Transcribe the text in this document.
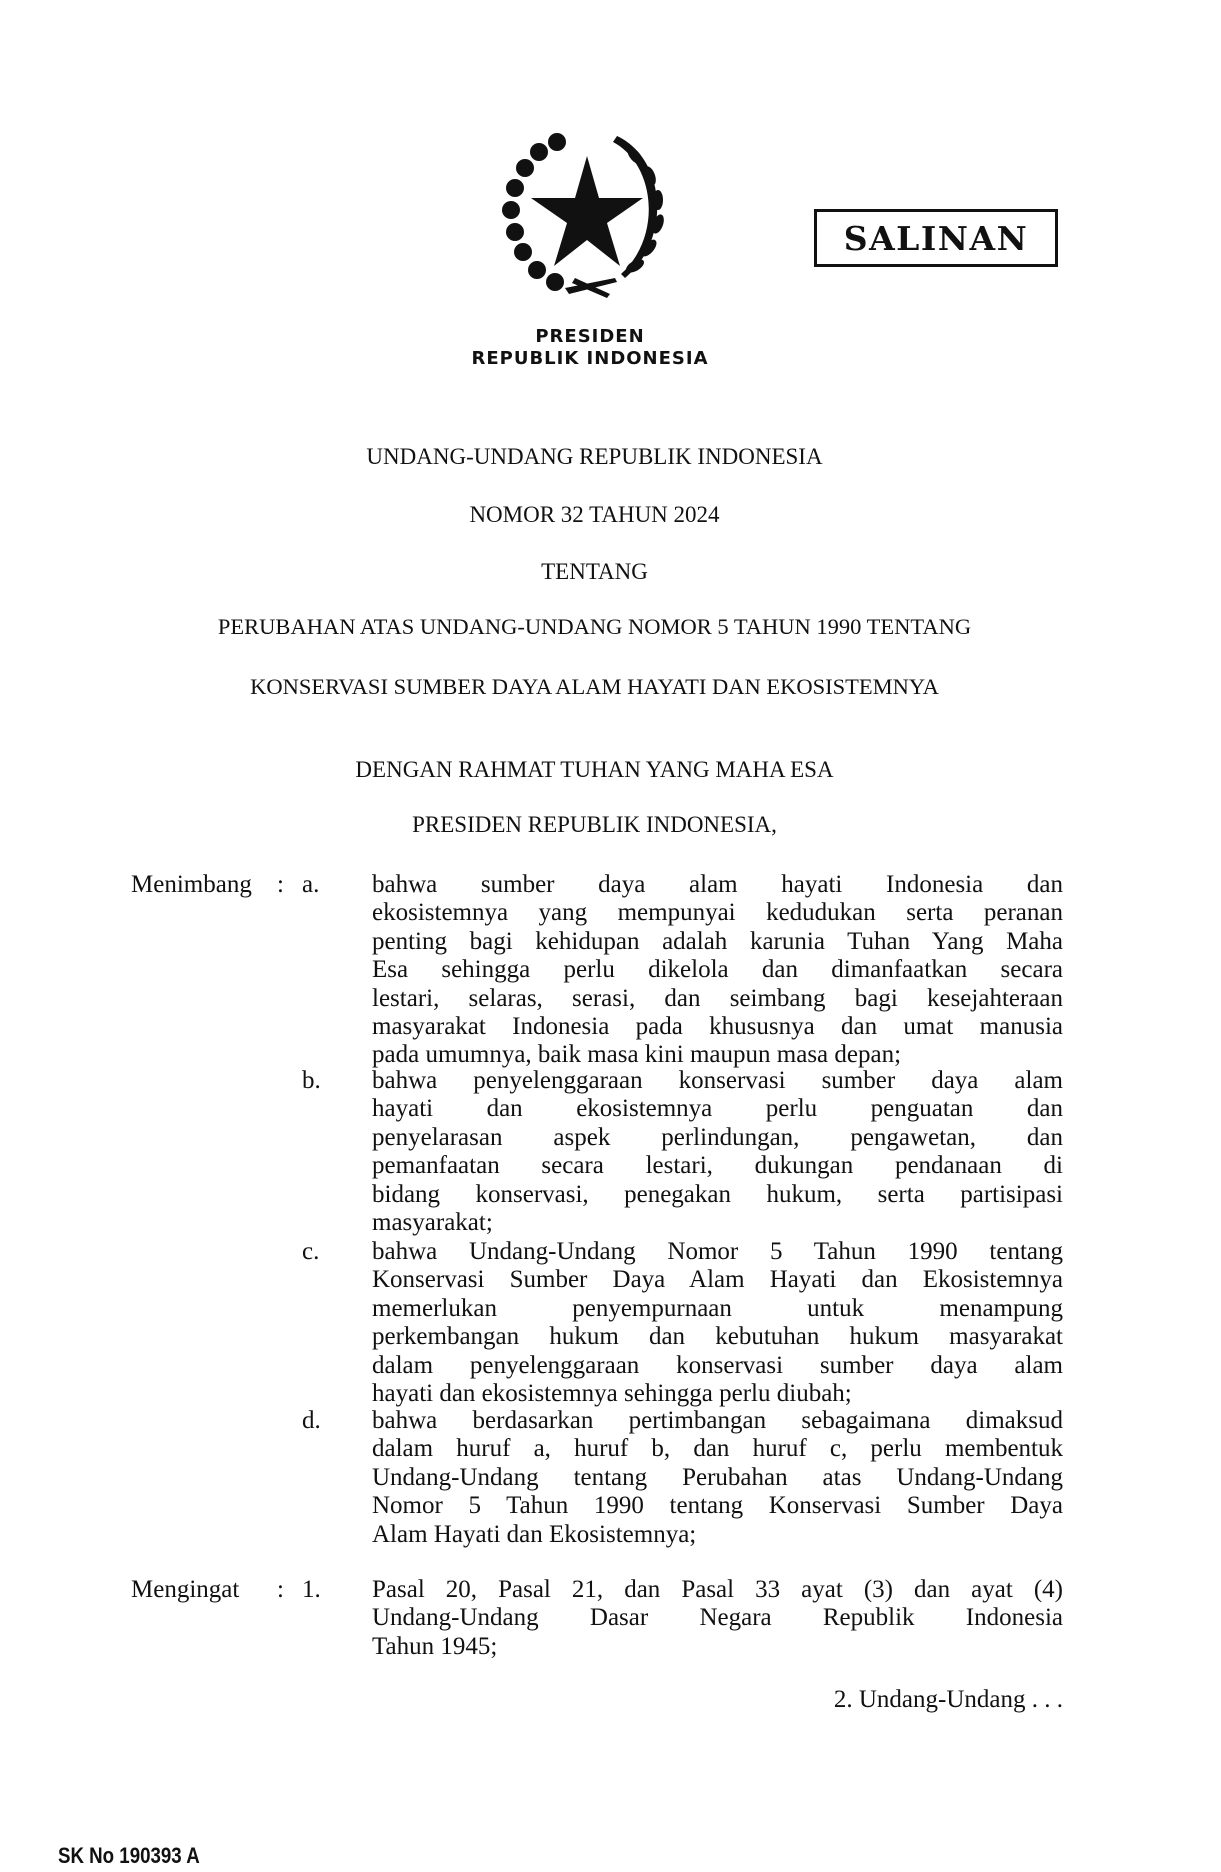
PRESIDEN
REPUBLIK INDONESIA
SALINAN
UNDANG-UNDANG REPUBLIK INDONESIA
NOMOR 32 TAHUN 2024
TENTANG
PERUBAHAN ATAS UNDANG-UNDANG NOMOR 5 TAHUN 1990 TENTANG
KONSERVASI SUMBER DAYA ALAM HAYATI DAN EKOSISTEMNYA
DENGAN RAHMAT TUHAN YANG MAHA ESA
PRESIDEN REPUBLIK INDONESIA,
Menimbang : a. bahwa sumber daya alam hayati Indonesia dan
ekosistemnya yang mempunyai kedudukan serta peranan
penting bagi kehidupan adalah karunia Tuhan Yang Maha
Esa sehingga perlu dikelola dan dimanfaatkan secara
lestari, selaras, serasi, dan seimbang bagi kesejahteraan
masyarakat Indonesia pada khususnya dan umat manusia
pada umumnya, baik masa kini maupun masa depan;
b. bahwa penyelenggaraan konservasi sumber daya alam
hayati dan ekosistemnya perlu penguatan dan
penyelarasan aspek perlindungan, pengawetan, dan
pemanfaatan secara lestari, dukungan pendanaan di
bidang konservasi, penegakan hukum, serta partisipasi
masyarakat;
c. bahwa Undang-Undang Nomor 5 Tahun 1990 tentang
Konservasi Sumber Daya Alam Hayati dan Ekosistemnya
memerlukan penyempurnaan untuk menampung
perkembangan hukum dan kebutuhan hukum masyarakat
dalam penyelenggaraan konservasi sumber daya alam
hayati dan ekosistemnya sehingga perlu diubah;
d. bahwa berdasarkan pertimbangan sebagaimana dimaksud
dalam huruf a, huruf b, dan huruf c, perlu membentuk
Undang-Undang tentang Perubahan atas Undang-Undang
Nomor 5 Tahun 1990 tentang Konservasi Sumber Daya
Alam Hayati dan Ekosistemnya;
Mengingat : 1. Pasal 20, Pasal 21, dan Pasal 33 ayat (3) dan ayat (4)
Undang-Undang Dasar Negara Republik Indonesia
Tahun 1945;
2. Undang-Undang . . .
SK No 190393 A
